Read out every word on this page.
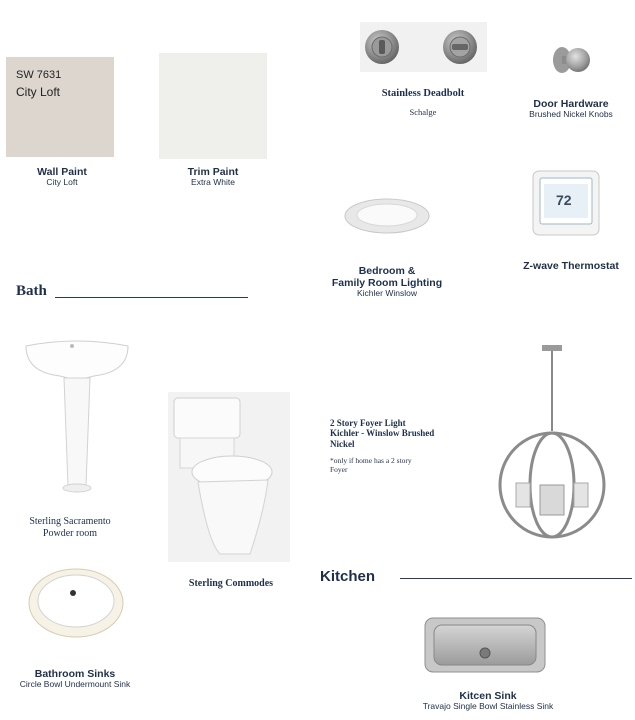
SW 7631
City Loft
Wall Paint
City Loft
Trim Paint
Extra White
Stainless Deadbolt
Schalge
Door Hardware
Brushed Nickel Knobs
Bedroom &
Family Room Lighting
Kichler Winslow
72
Z-wave Thermostat
Bath
Sterling Sacramento
Powder room
Sterling Commodes
2 Story Foyer Light
Kichler - Winslow Brushed
Nickel
*only if home has a 2 story
Foyer
Kitchen
Bathroom Sinks
Circle Bowl Undermount Sink
Kitcen Sink
Travajo Single Bowl Stainless Sink
